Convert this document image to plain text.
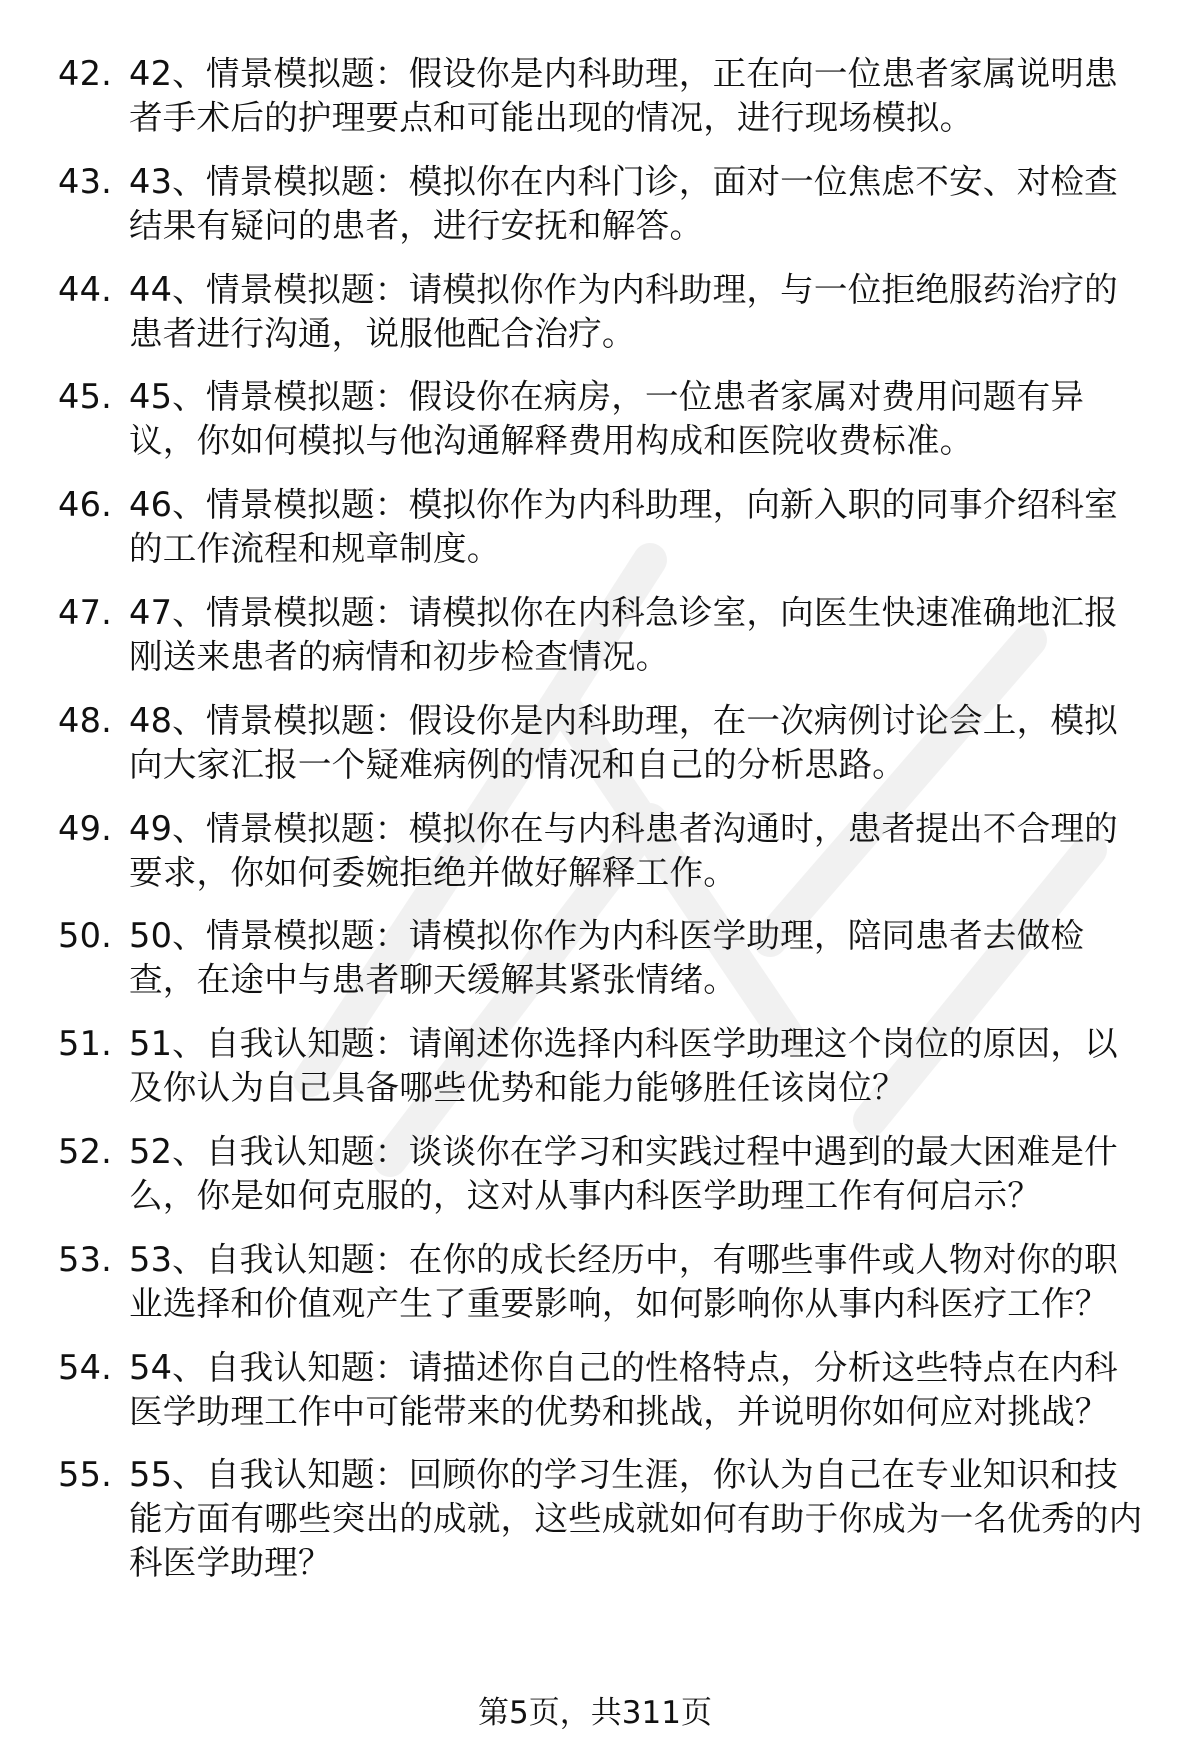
42. 42、情景模拟题：假设你是内科助理，正在向一位患者家属说明患者手术后的护理要点和可能出现的情况，进行现场模拟。
43. 43、情景模拟题：模拟你在内科门诊，面对一位焦虑不安、对检查结果有疑问的患者，进行安抚和解答。
44. 44、情景模拟题：请模拟你作为内科助理，与一位拒绝服药治疗的患者进行沟通，说服他配合治疗。
45. 45、情景模拟题：假设你在病房，一位患者家属对费用问题有异议，你如何模拟与他沟通解释费用构成和医院收费标准。
46. 46、情景模拟题：模拟你作为内科助理，向新入职的同事介绍科室的工作流程和规章制度。
47. 47、情景模拟题：请模拟你在内科急诊室，向医生快速准确地汇报刚送来患者的病情和初步检查情况。
48. 48、情景模拟题：假设你是内科助理，在一次病例讨论会上，模拟向大家汇报一个疑难病例的情况和自己的分析思路。
49. 49、情景模拟题：模拟你在与内科患者沟通时，患者提出不合理的要求，你如何委婉拒绝并做好解释工作。
50. 50、情景模拟题：请模拟你作为内科医学助理，陪同患者去做检查，在途中与患者聊天缓解其紧张情绪。
51. 51、自我认知题：请阐述你选择内科医学助理这个岗位的原因，以及你认为自己具备哪些优势和能力能够胜任该岗位？
52. 52、自我认知题：谈谈你在学习和实践过程中遇到的最大困难是什么，你是如何克服的，这对从事内科医学助理工作有何启示？
53. 53、自我认知题：在你的成长经历中，有哪些事件或人物对你的职业选择和价值观产生了重要影响，如何影响你从事内科医疗工作？
54. 54、自我认知题：请描述你自己的性格特点，分析这些特点在内科医学助理工作中可能带来的优势和挑战，并说明你如何应对挑战？
55. 55、自我认知题：回顾你的学习生涯，你认为自己在专业知识和技能方面有哪些突出的成就，这些成就如何有助于你成为一名优秀的内科医学助理？
第5页，共311页
